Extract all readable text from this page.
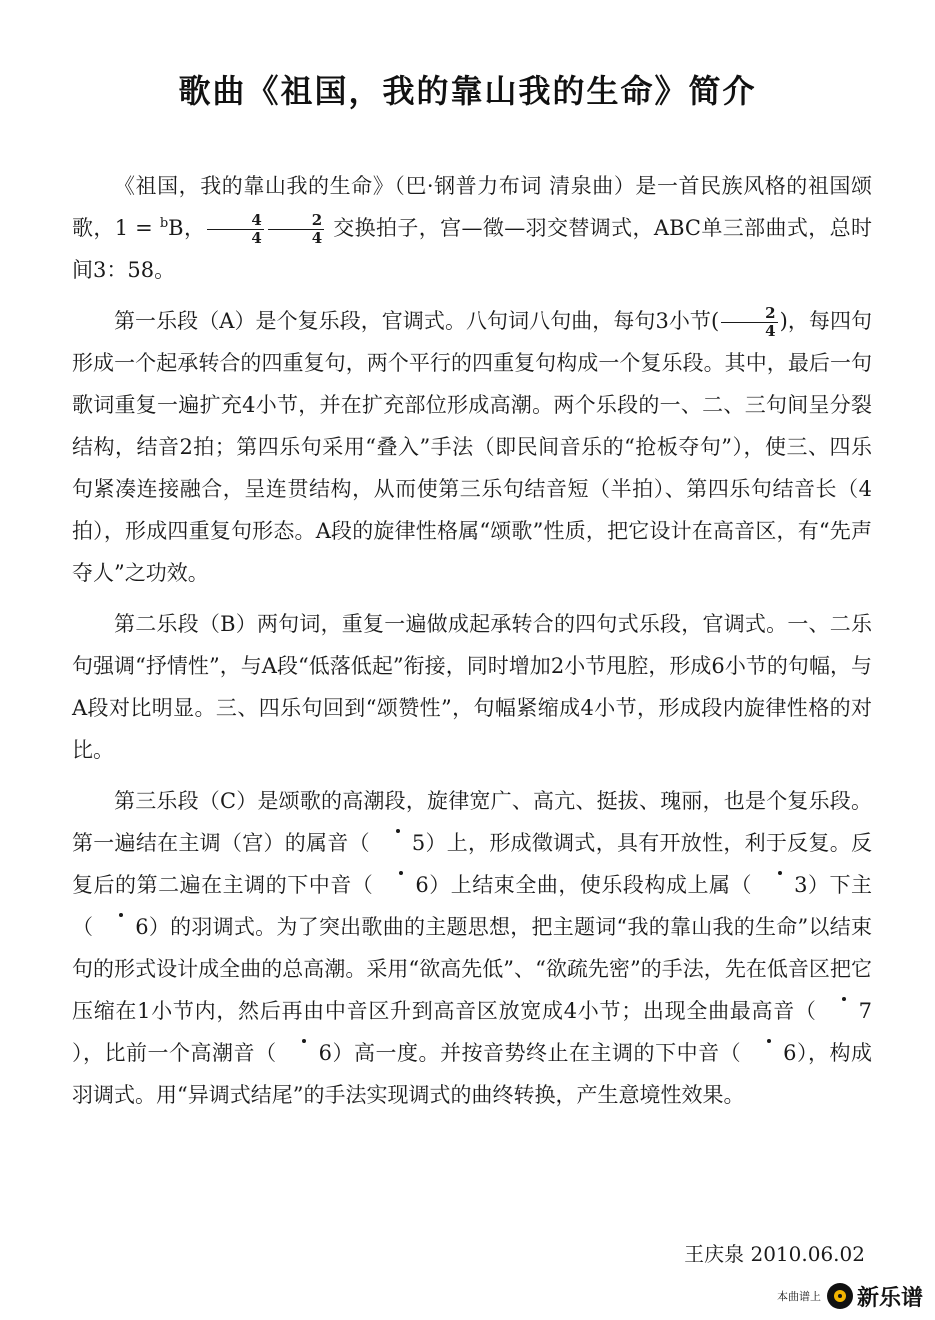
歌曲《祖国，我的靠山我的生命》简介

《祖国，我的靠山我的生命》（巴·钢普力布词 清泉曲）是一首民族风格的祖国颂歌，1 = $^b$B， $\frac{4}{4} \frac{2}{4}$ 交换拍子，宫—徵—羽交替调式，ABC单三部曲式，总时间3：58。

第一乐段（A）是个复乐段，官调式。八句词八句曲，每句3小节( $\frac{2}{4}$ )，每四句形成一个起承转合的四重复句，两个平行的四重复句构成一个复乐段。其中，最后一句歌词重复一遍扩充4小节，并在扩充部位形成高潮。两个乐段的一、二、三句间呈分裂结构，结音2拍；第四乐句采用“叠入”手法（即民间音乐的“抢板夺句”），使三、四乐句紧凑连接融合，呈连贯结构，从而使第三乐句结音短（半拍）、第四乐句结音长（4拍），形成四重复句形态。A段的旋律性格属“颂歌”性质，把它设计在高音区，有“先声夺人”之功效。

第二乐段（B）两句词，重复一遍做成起承转合的四句式乐段，官调式。一、二乐句强调“抒情性”，与A段“低落低起”衔接，同时增加2小节甩腔，形成6小节的句幅，与A段对比明显。三、四乐句回到“颂赞性”，句幅紧缩成4小节，形成段内旋律性格的对比。

第三乐段（C）是颂歌的高潮段，旋律宽广、高亢、挺拔、瑰丽，也是个复乐段。第一遍结在主调（宫）的属音（ 5）上，形成徵调式，具有开放性，利于反复。反复后的第二遍在主调的下中音（ 6）上结束全曲，使乐段构成上属（ 3）下主（ 6）的羽调式。为了突出歌曲的主题思想，把主题词“我的靠山我的生命”以结束句的形式设计成全曲的总高潮。采用“欲高先低”、“欲疏先密”的手法，先在低音区把它压缩在1小节内，然后再由中音区升到高音区放宽成4小节；出现全曲最高音（ 7），比前一个高潮音（ 6）高一度。并按音势终止在主调的下中音（ 6），构成羽调式。用“异调式结尾”的手法实现调式的曲终转换，产生意境性效果。

王庆泉 2010.06.02
本曲谱上 新乐谱
